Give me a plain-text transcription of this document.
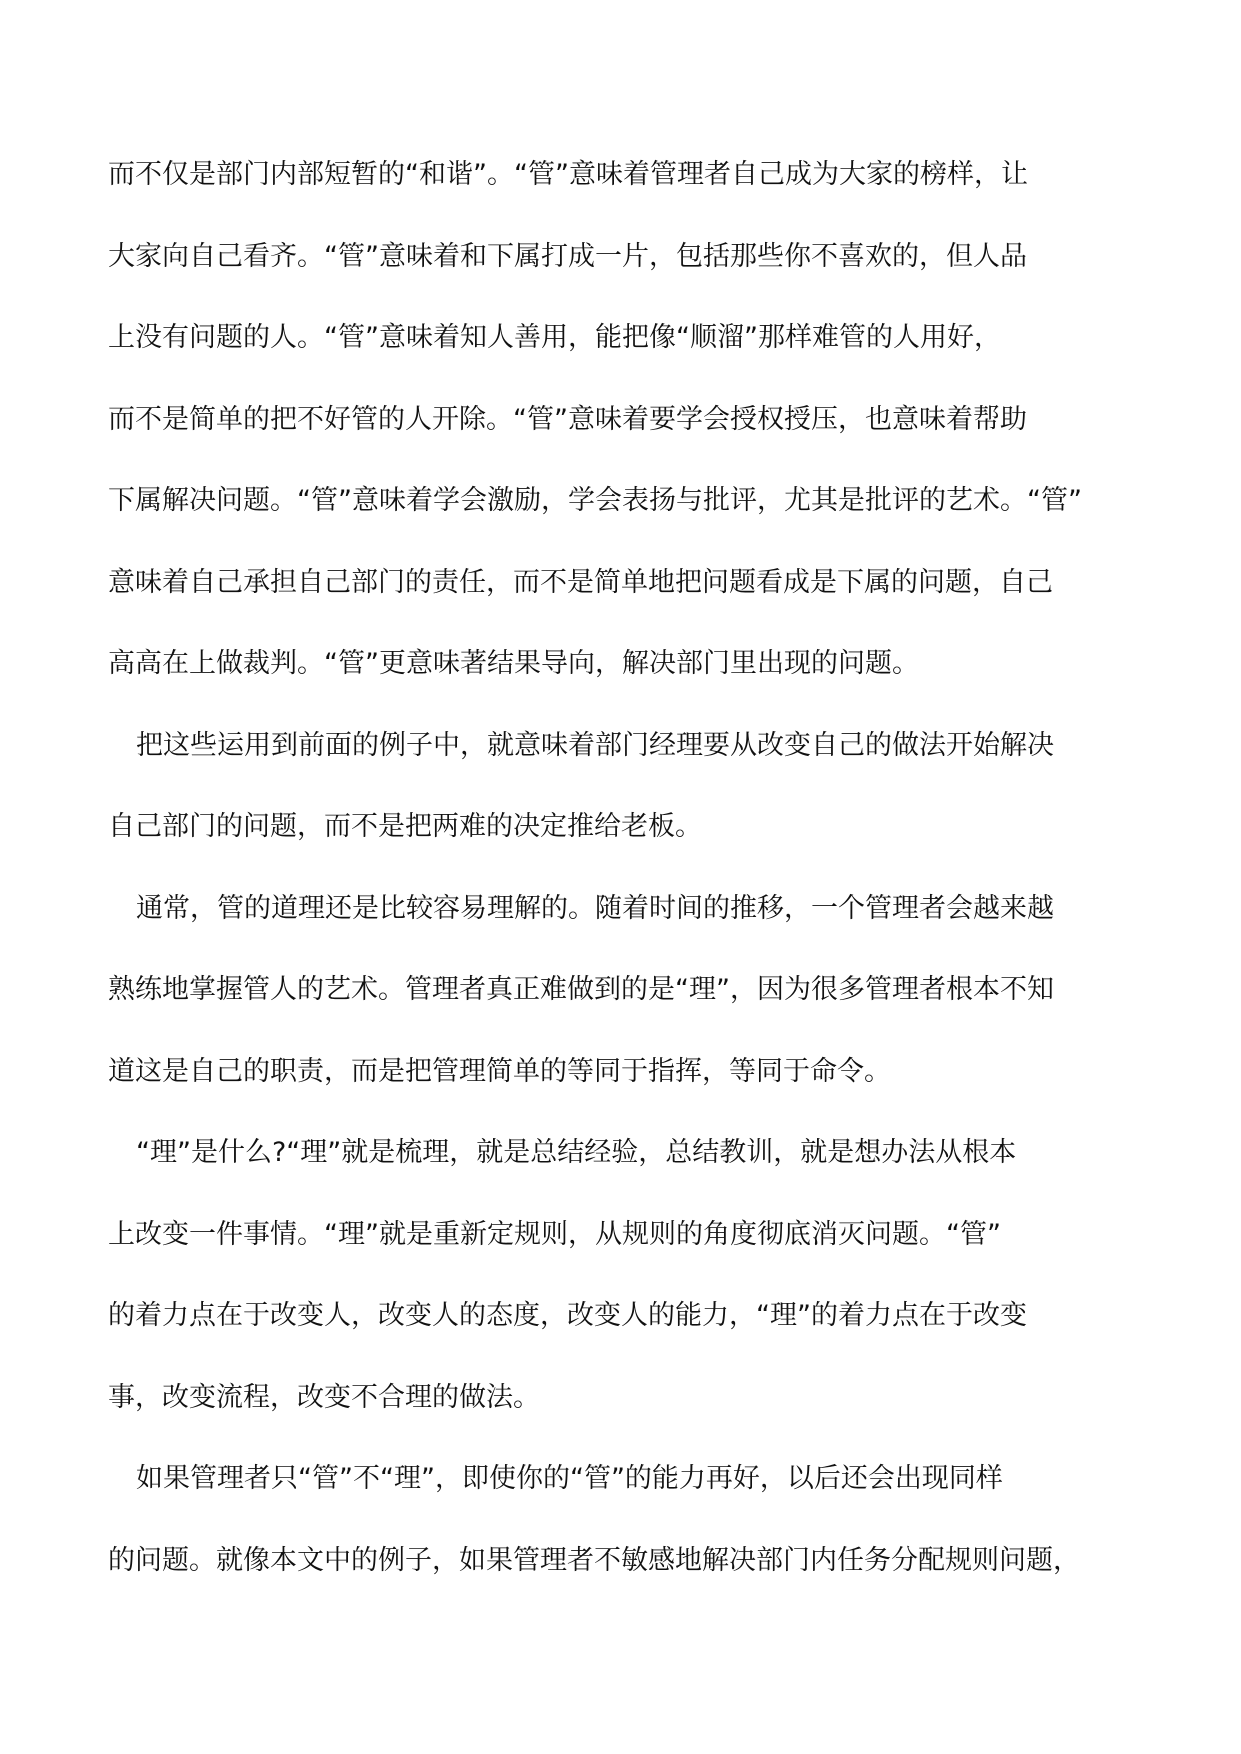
而不仅是部门内部短暂的“和谐”。“管”意味着管理者自己成为大家的榜样，让
大家向自己看齐。“管”意味着和下属打成一片，包括那些你不喜欢的，但人品
上没有问题的人。“管”意味着知人善用，能把像“顺溜”那样难管的人用好，
而不是简单的把不好管的人开除。“管”意味着要学会授权授压，也意味着帮助
下属解决问题。“管”意味着学会激励，学会表扬与批评，尤其是批评的艺术。“管”
意味着自己承担自己部门的责任，而不是简单地把问题看成是下属的问题，自己
高高在上做裁判。“管”更意味著结果导向，解决部门里出现的问题。
把这些运用到前面的例子中，就意味着部门经理要从改变自己的做法开始解决
自己部门的问题，而不是把两难的决定推给老板。
通常，管的道理还是比较容易理解的。随着时间的推移，一个管理者会越来越
熟练地掌握管人的艺术。管理者真正难做到的是“理”，因为很多管理者根本不知
道这是自己的职责，而是把管理简单的等同于指挥，等同于命令。
“理”是什么?“理”就是梳理，就是总结经验，总结教训，就是想办法从根本
上改变一件事情。“理”就是重新定规则，从规则的角度彻底消灭问题。“管”
的着力点在于改变人，改变人的态度，改变人的能力，“理”的着力点在于改变
事，改变流程，改变不合理的做法。
如果管理者只“管”不“理”，即使你的“管”的能力再好，以后还会出现同样
的问题。就像本文中的例子，如果管理者不敏感地解决部门内任务分配规则问题，
